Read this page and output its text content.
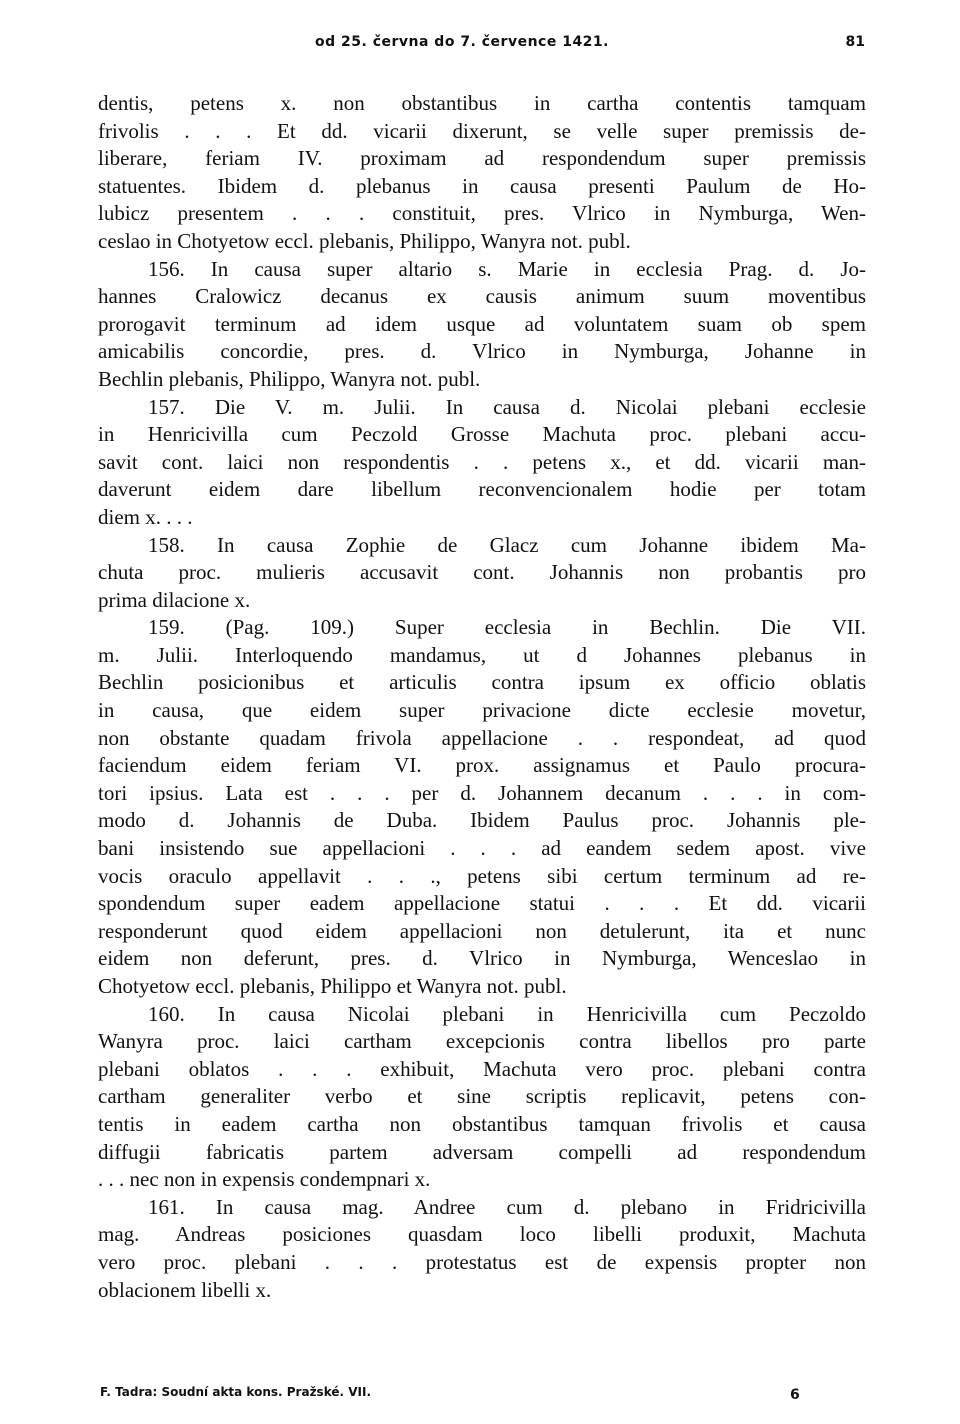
od 25. června do 7. července 1421.	81
dentis, petens x. non obstantibus in cartha contentis tamquam
frivolis . . . Et dd. vicarii dixerunt, se velle super premissis de-
liberare, feriam IV. proximam ad respondendum super premissis
statuentes. Ibidem d. plebanus in causa presenti Paulum de Ho-
lubicz presentem . . . constituit, pres. Vlrico in Nymburga, Wen-
ceslao in Chotyetow eccl. plebanis, Philippo, Wanyra not. publ.
156. In causa super altario s. Marie in ecclesia Prag. d. Jo-
hannes Cralowicz decanus ex causis animum suum moventibus
prorogavit terminum ad idem usque ad voluntatem suam ob spem
amicabilis concordie, pres. d. Vlrico in Nymburga, Johanne in
Bechlin plebanis, Philippo, Wanyra not. publ.
157. Die V. m. Julii. In causa d. Nicolai plebani ecclesie
in Henricivilla cum Peczold Grosse Machuta proc. plebani accu-
savit cont. laici non respondentis . . petens x., et dd. vicarii man-
daverunt eidem dare libellum reconvencionalem hodie per totam
diem x. . . .
158. In causa Zophie de Glacz cum Johanne ibidem Ma-
chuta proc. mulieris accusavit cont. Johannis non probantis pro
prima dilacione x.
159. (Pag. 109.) Super ecclesia in Bechlin. Die VII.
m. Julii. Interloquendo mandamus, ut d Johannes plebanus in
Bechlin posicionibus et articulis contra ipsum ex officio oblatis
in causa, que eidem super privacione dicte ecclesie movetur,
non obstante quadam frivola appellacione . . respondeat, ad quod
faciendum eidem feriam VI. prox. assignamus et Paulo procura-
tori ipsius. Lata est . . . per d. Johannem decanum . . . in com-
modo d. Johannis de Duba. Ibidem Paulus proc. Johannis ple-
bani insistendo sue appellacioni . . . ad eandem sedem apost. vive
vocis oraculo appellavit . . ., petens sibi certum terminum ad re-
spondendum super eadem appellacione statui . . . Et dd. vicarii
responderunt quod eidem appellacioni non detulerunt, ita et nunc
eidem non deferunt, pres. d. Vlrico in Nymburga, Wenceslao in
Chotyetow eccl. plebanis, Philippo et Wanyra not. publ.
160. In causa Nicolai plebani in Henricivilla cum Peczoldo
Wanyra proc. laici cartham excepcionis contra libellos pro parte
plebani oblatos . . . exhibuit, Machuta vero proc. plebani contra
cartham generaliter verbo et sine scriptis replicavit, petens con-
tentis in eadem cartha non obstantibus tamquan frivolis et causa
diffugii fabricatis partem adversam compelli ad respondendum
. . . nec non in expensis condempnari x.
161. In causa mag. Andree cum d. plebano in Fridricivilla
mag. Andreas posiciones quasdam loco libelli produxit, Machuta
vero proc. plebani . . . protestatus est de expensis propter non
oblacionem libelli x.
F. Tadra: Soudní akta kons. Pražské. VII.	6
